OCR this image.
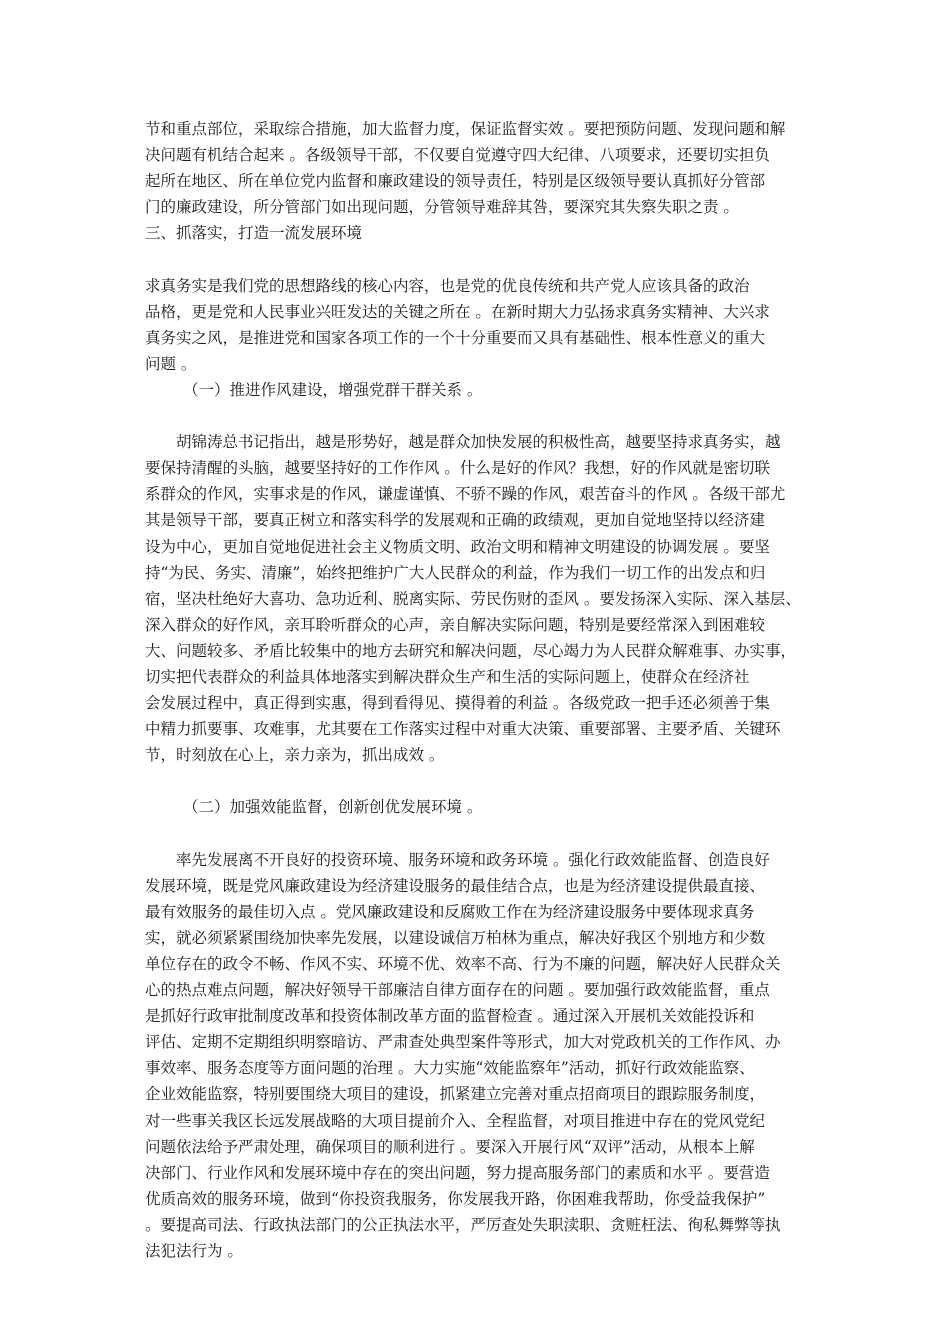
节和重点部位，采取综合措施，加大监督力度，保证监督实效 。要把预防问题、发现问题和解
决问题有机结合起来 。各级领导干部，不仅要自觉遵守四大纪律、八项要求，还要切实担负
起所在地区、所在单位党内监督和廉政建设的领导责任，特别是区级领导要认真抓好分管部
门的廉政建设，所分管部门如出现问题，分管领导难辞其咎，要深究其失察失职之责 。
三、抓落实，打造一流发展环境
求真务实是我们党的思想路线的核心内容，也是党的优良传统和共产党人应该具备的政治
品格，更是党和人民事业兴旺发达的关键之所在 。在新时期大力弘扬求真务实精神、大兴求
真务实之风，是推进党和国家各项工作的一个十分重要而又具有基础性、根本性意义的重大
问题 。
（一）推进作风建设，增强党群干群关系 。
胡锦涛总书记指出，越是形势好，越是群众加快发展的积极性高，越要坚持求真务实，越
要保持清醒的头脑，越要坚持好的工作作风 。什么是好的作风？我想，好的作风就是密切联
系群众的作风，实事求是的作风，谦虚谨慎、不骄不躁的作风，艰苦奋斗的作风 。各级干部尤
其是领导干部，要真正树立和落实科学的发展观和正确的政绩观，更加自觉地坚持以经济建
设为中心，更加自觉地促进社会主义物质文明、政治文明和精神文明建设的协调发展 。要坚
持“为民、务实、清廉”，始终把维护广大人民群众的利益，作为我们一切工作的出发点和归
宿，坚决杜绝好大喜功、急功近利、脱离实际、劳民伤财的歪风 。要发扬深入实际、深入基层、
深入群众的好作风，亲耳聆听群众的心声，亲自解决实际问题，特别是要经常深入到困难较
大、问题较多、矛盾比较集中的地方去研究和解决问题，尽心竭力为人民群众解难事、办实事，
切实把代表群众的利益具体地落实到解决群众生产和生活的实际问题上，使群众在经济社
会发展过程中，真正得到实惠，得到看得见、摸得着的利益 。各级党政一把手还必须善于集
中精力抓要事、攻难事，尤其要在工作落实过程中对重大决策、重要部署、主要矛盾、关键环
节，时刻放在心上，亲力亲为，抓出成效 。
（二）加强效能监督，创新创优发展环境 。
率先发展离不开良好的投资环境、服务环境和政务环境 。强化行政效能监督、创造良好
发展环境，既是党风廉政建设为经济建设服务的最佳结合点，也是为经济建设提供最直接、
最有效服务的最佳切入点 。党风廉政建设和反腐败工作在为经济建设服务中要体现求真务
实，就必须紧紧围绕加快率先发展，以建设诚信万柏林为重点，解决好我区个别地方和少数
单位存在的政令不畅、作风不实、环境不优、效率不高、行为不廉的问题，解决好人民群众关
心的热点难点问题，解决好领导干部廉洁自律方面存在的问题 。要加强行政效能监督，重点
是抓好行政审批制度改革和投资体制改革方面的监督检查 。通过深入开展机关效能投诉和
评估、定期不定期组织明察暗访、严肃查处典型案件等形式，加大对党政机关的工作作风、办
事效率、服务态度等方面问题的治理 。大力实施“效能监察年”活动，抓好行政效能监察、
企业效能监察，特别要围绕大项目的建设，抓紧建立完善对重点招商项目的跟踪服务制度，
对一些事关我区长远发展战略的大项目提前介入、全程监督，对项目推进中存在的党风党纪
问题依法给予严肃处理，确保项目的顺利进行 。要深入开展行风“双评”活动，从根本上解
决部门、行业作风和发展环境中存在的突出问题，努力提高服务部门的素质和水平 。要营造
优质高效的服务环境，做到“你投资我服务，你发展我开路，你困难我帮助，你受益我保护”
。要提高司法、行政执法部门的公正执法水平，严厉查处失职渎职、贪赃枉法、徇私舞弊等执
法犯法行为 。
